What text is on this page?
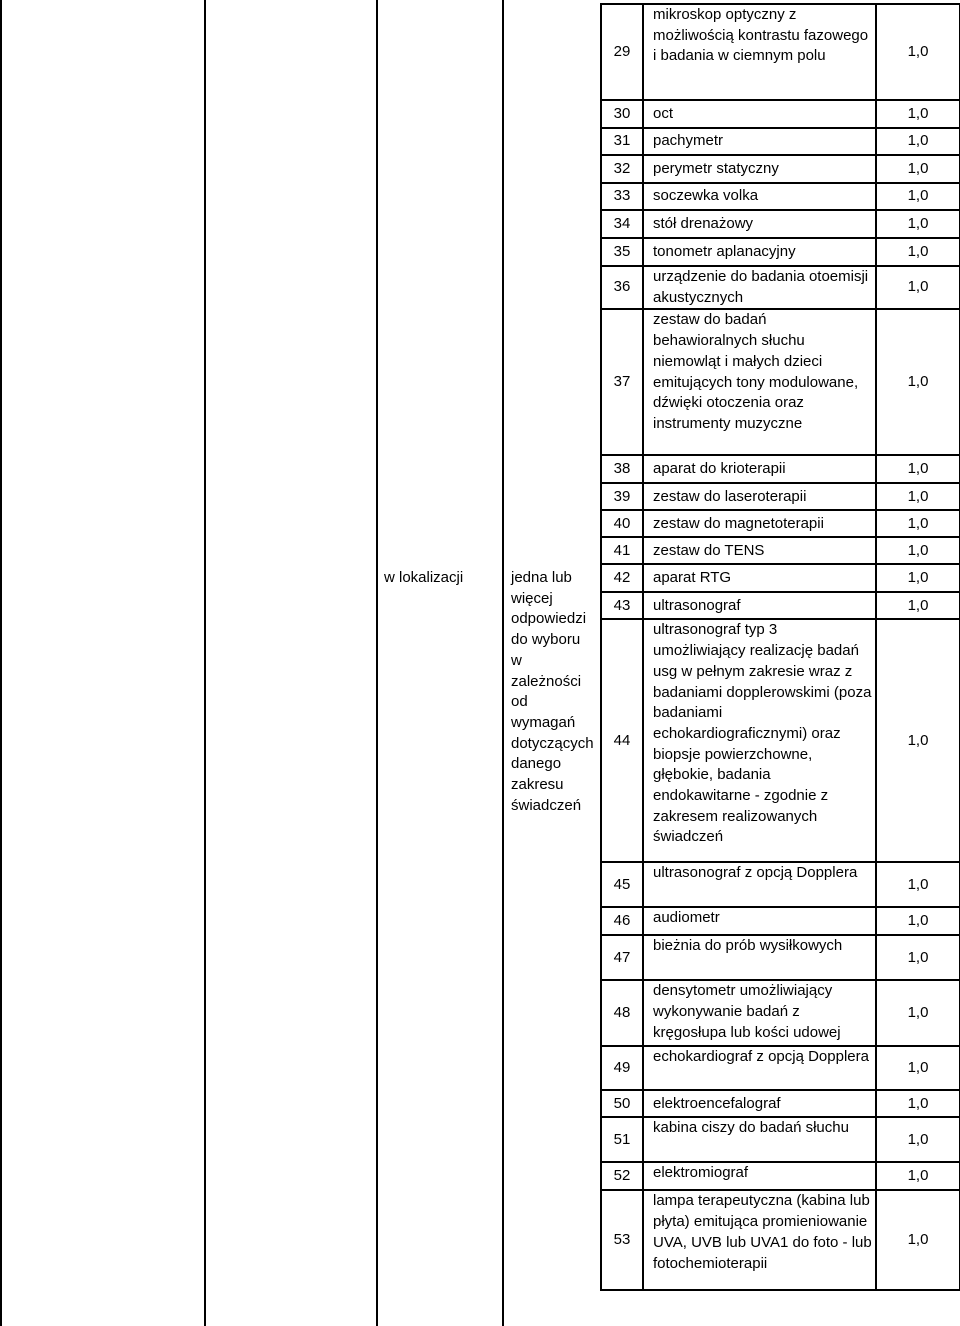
w lokalizacji	jedna lub więcej odpowiedzi do wyboru w zależności od wymagań dotyczących danego zakresu świadczeń
29	mikroskop optyczny z możliwością kontrastu fazowego i badania w ciemnym polu	1,0
30	oct	1,0
31	pachymetr	1,0
32	perymetr statyczny	1,0
33	soczewka volka	1,0
34	stół drenażowy	1,0
35	tonometr aplanacyjny	1,0
36	urządzenie do badania otoemisji akustycznych	1,0
37	zestaw do badań behawioralnych słuchu niemowląt i małych dzieci emitujących tony modulowane, dźwięki otoczenia oraz instrumenty muzyczne	1,0
38	aparat do krioterapii	1,0
39	zestaw do laseroterapii	1,0
40	zestaw do magnetoterapii	1,0
41	zestaw do TENS	1,0
42	aparat RTG	1,0
43	ultrasonograf	1,0
44	ultrasonograf typ 3 umożliwiający realizację badań usg w pełnym zakresie wraz z badaniami dopplerowskimi (poza badaniami echokardiograficznymi) oraz biopsje powierzchowne, głębokie, badania endokawitarne - zgodnie z zakresem realizowanych świadczeń	1,0
45	ultrasonograf z opcją Dopplera	1,0
46	audiometr	1,0
47	bieżnia do prób wysiłkowych	1,0
48	densytometr umożliwiający wykonywanie badań z kręgosłupa lub kości udowej	1,0
49	echokardiograf z opcją Dopplera	1,0
50	elektroencefalograf	1,0
51	kabina ciszy do badań słuchu	1,0
52	elektromiograf	1,0
53	lampa terapeutyczna (kabina lub płyta) emitująca promieniowanie UVA, UVB lub UVA1 do foto - lub fotochemioterapii	1,0
